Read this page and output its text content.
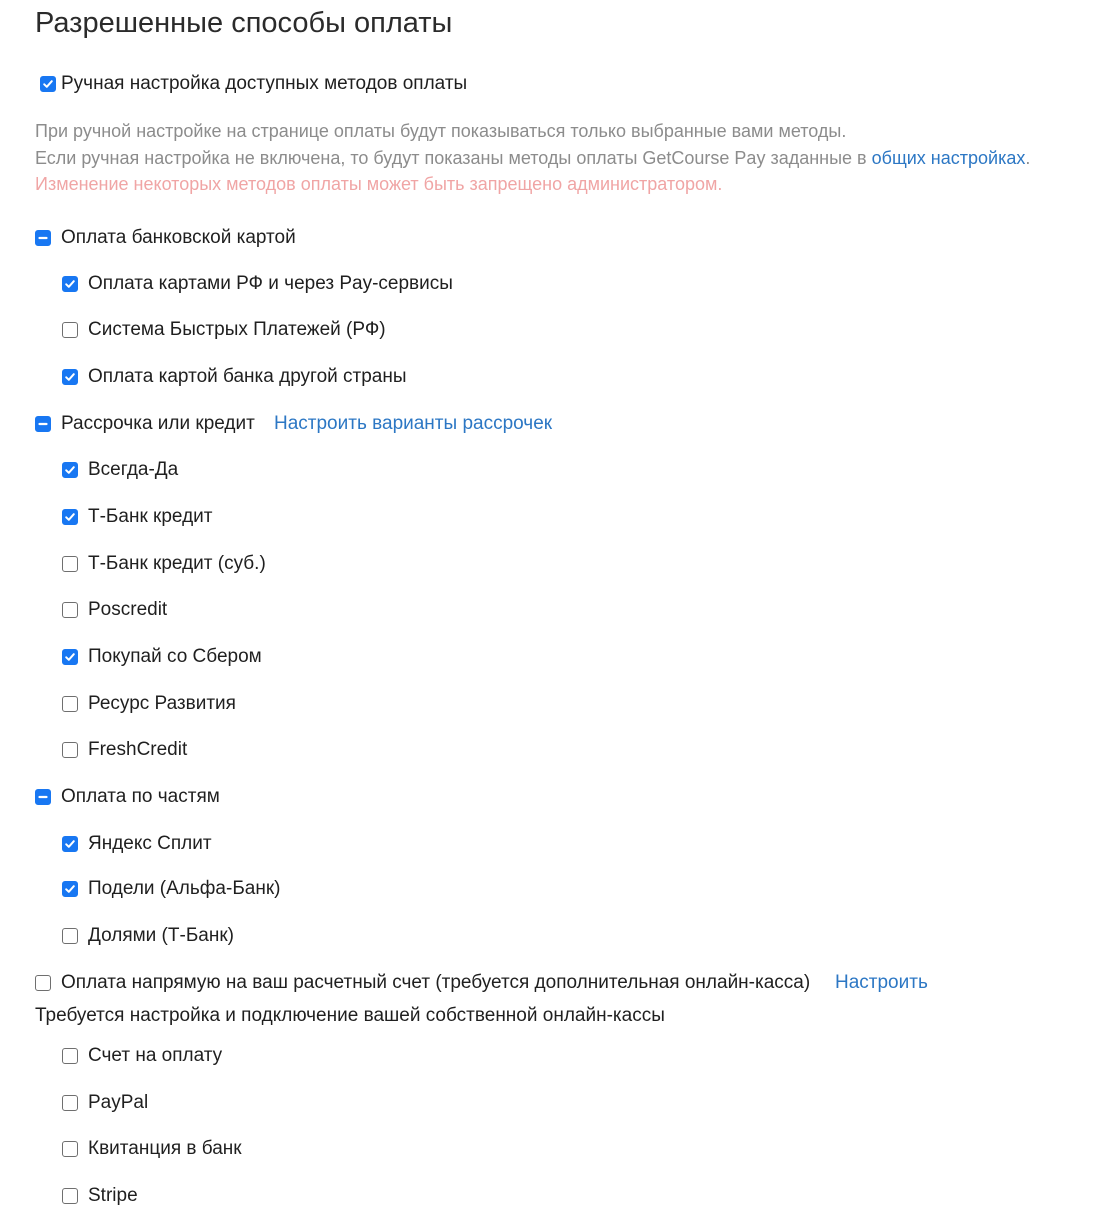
Разрешенные способы оплаты
Ручная настройка доступных методов оплаты
При ручной настройке на странице оплаты будут показываться только выбранные вами методы.
Если ручная настройка не включена, то будут показаны методы оплаты GetCourse Pay заданные в общих настройках.
Изменение некоторых методов оплаты может быть запрещено администратором.
Оплата банковской картой
Оплата картами РФ и через Pay-сервисы
Система Быстрых Платежей (РФ)
Оплата картой банка другой страны
Рассрочка или кредит Настроить варианты рассрочек
Всегда-Да
Т-Банк кредит
Т-Банк кредит (суб.)
Poscredit
Покупай со Сбером
Ресурс Развития
FreshCredit
Оплата по частям
Яндекс Сплит
Подели (Альфа-Банк)
Долями (Т-Банк)
Оплата напрямую на ваш расчетный счет (требуется дополнительная онлайн-касса) Настроить
Требуется настройка и подключение вашей собственной онлайн-кассы
Счет на оплату
PayPal
Квитанция в банк
Stripe
